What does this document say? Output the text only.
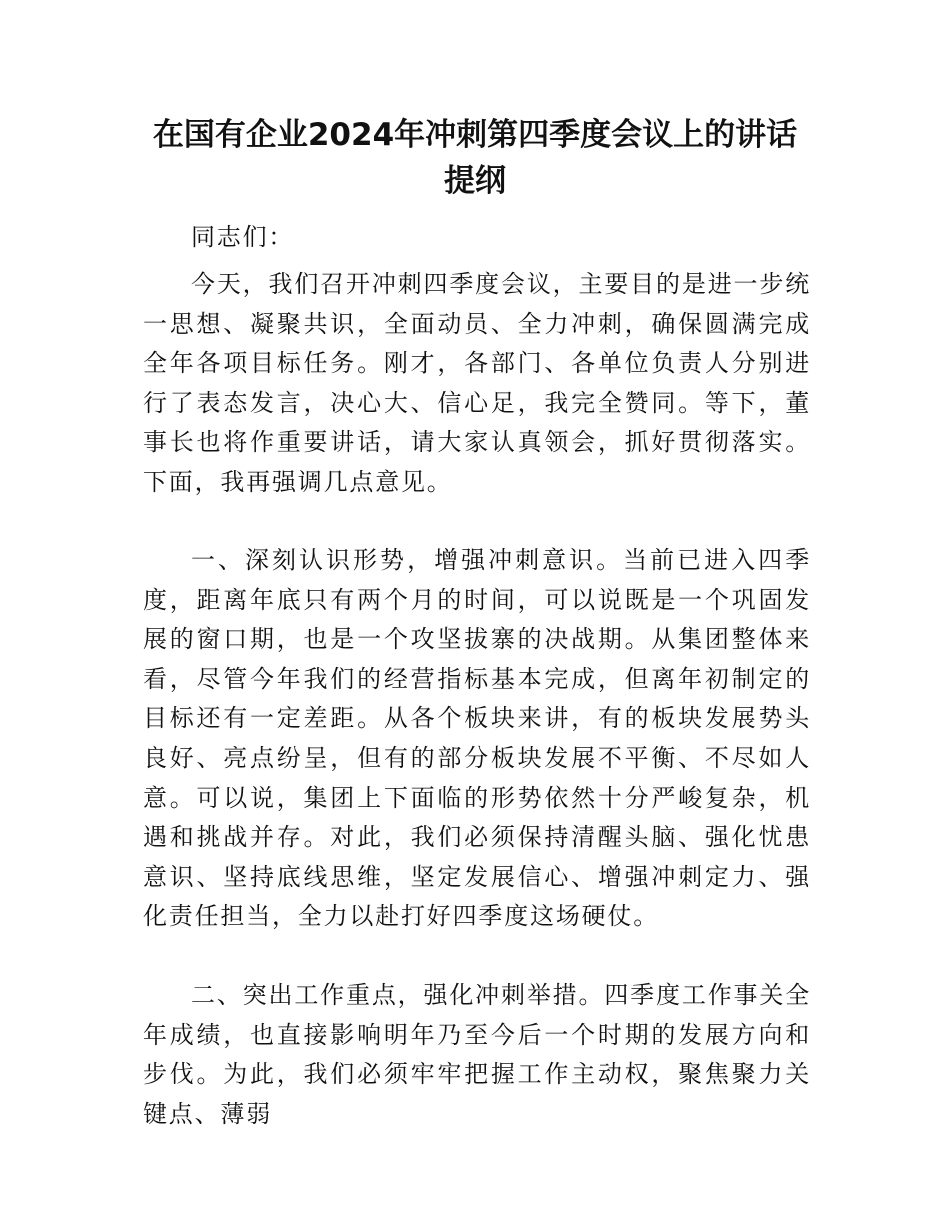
在国有企业2024年冲刺第四季度会议上的讲话
提纲

同志们：

今天，我们召开冲刺四季度会议，主要目的是进一步统一思想、凝聚共识，全面动员、全力冲刺，确保圆满完成全年各项目标任务。刚才，各部门、各单位负责人分别进行了表态发言，决心大、信心足，我完全赞同。等下，董事长也将作重要讲话，请大家认真领会，抓好贯彻落实。下面，我再强调几点意见。

一、深刻认识形势，增强冲刺意识。当前已进入四季度，距离年底只有两个月的时间，可以说既是一个巩固发展的窗口期，也是一个攻坚拔寨的决战期。从集团整体来看，尽管今年我们的经营指标基本完成，但离年初制定的目标还有一定差距。从各个板块来讲，有的板块发展势头良好、亮点纷呈，但有的部分板块发展不平衡、不尽如人意。可以说，集团上下面临的形势依然十分严峻复杂，机遇和挑战并存。对此，我们必须保持清醒头脑、强化忧患意识、坚持底线思维，坚定发展信心、增强冲刺定力、强化责任担当，全力以赴打好四季度这场硬仗。

二、突出工作重点，强化冲刺举措。四季度工作事关全年成绩，也直接影响明年乃至今后一个时期的发展方向和步伐。为此，我们必须牢牢把握工作主动权，聚焦聚力关键点、薄弱
